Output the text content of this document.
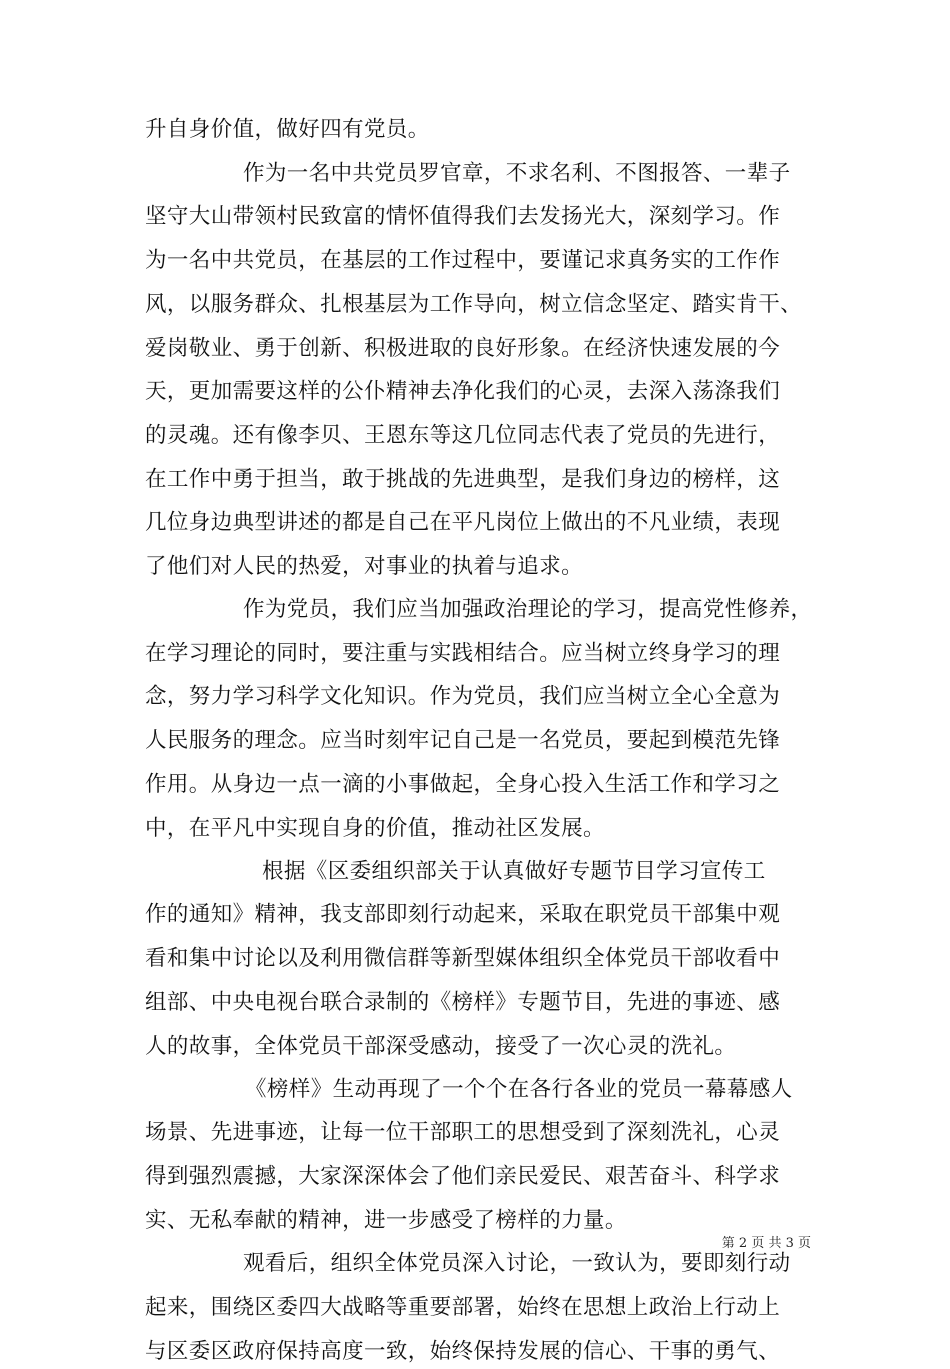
升自身价值，做好四有党员。
作为一名中共党员罗官章，不求名利、不图报答、一辈子
坚守大山带领村民致富的情怀值得我们去发扬光大，深刻学习。作
为一名中共党员，在基层的工作过程中，要谨记求真务实的工作作
风，以服务群众、扎根基层为工作导向，树立信念坚定、踏实肯干、
爱岗敬业、勇于创新、积极进取的良好形象。在经济快速发展的今
天，更加需要这样的公仆精神去净化我们的心灵，去深入荡涤我们
的灵魂。还有像李贝、王恩东等这几位同志代表了党员的先进行，
在工作中勇于担当，敢于挑战的先进典型，是我们身边的榜样，这
几位身边典型讲述的都是自己在平凡岗位上做出的不凡业绩，表现
了他们对人民的热爱，对事业的执着与追求。
作为党员，我们应当加强政治理论的学习，提高党性修养，
在学习理论的同时，要注重与实践相结合。应当树立终身学习的理
念，努力学习科学文化知识。作为党员，我们应当树立全心全意为
人民服务的理念。应当时刻牢记自己是一名党员，要起到模范先锋
作用。从身边一点一滴的小事做起，全身心投入生活工作和学习之
中，在平凡中实现自身的价值，推动社区发展。
根据《区委组织部关于认真做好专题节目学习宣传工
作的通知》精神，我支部即刻行动起来，采取在职党员干部集中观
看和集中讨论以及利用微信群等新型媒体组织全体党员干部收看中
组部、中央电视台联合录制的《榜样》专题节目，先进的事迹、感
人的故事，全体党员干部深受感动，接受了一次心灵的洗礼。
《榜样》生动再现了一个个在各行各业的党员一幕幕感人
场景、先进事迹，让每一位干部职工的思想受到了深刻洗礼，心灵
得到强烈震撼，大家深深体会了他们亲民爱民、艰苦奋斗、科学求
实、无私奉献的精神，进一步感受了榜样的力量。
观看后，组织全体党员深入讨论，一致认为，要即刻行动
起来，围绕区委四大战略等重要部署，始终在思想上政治上行动上
与区委区政府保持高度一致，始终保持发展的信心、干事的勇气、
第 2 页 共 3 页
